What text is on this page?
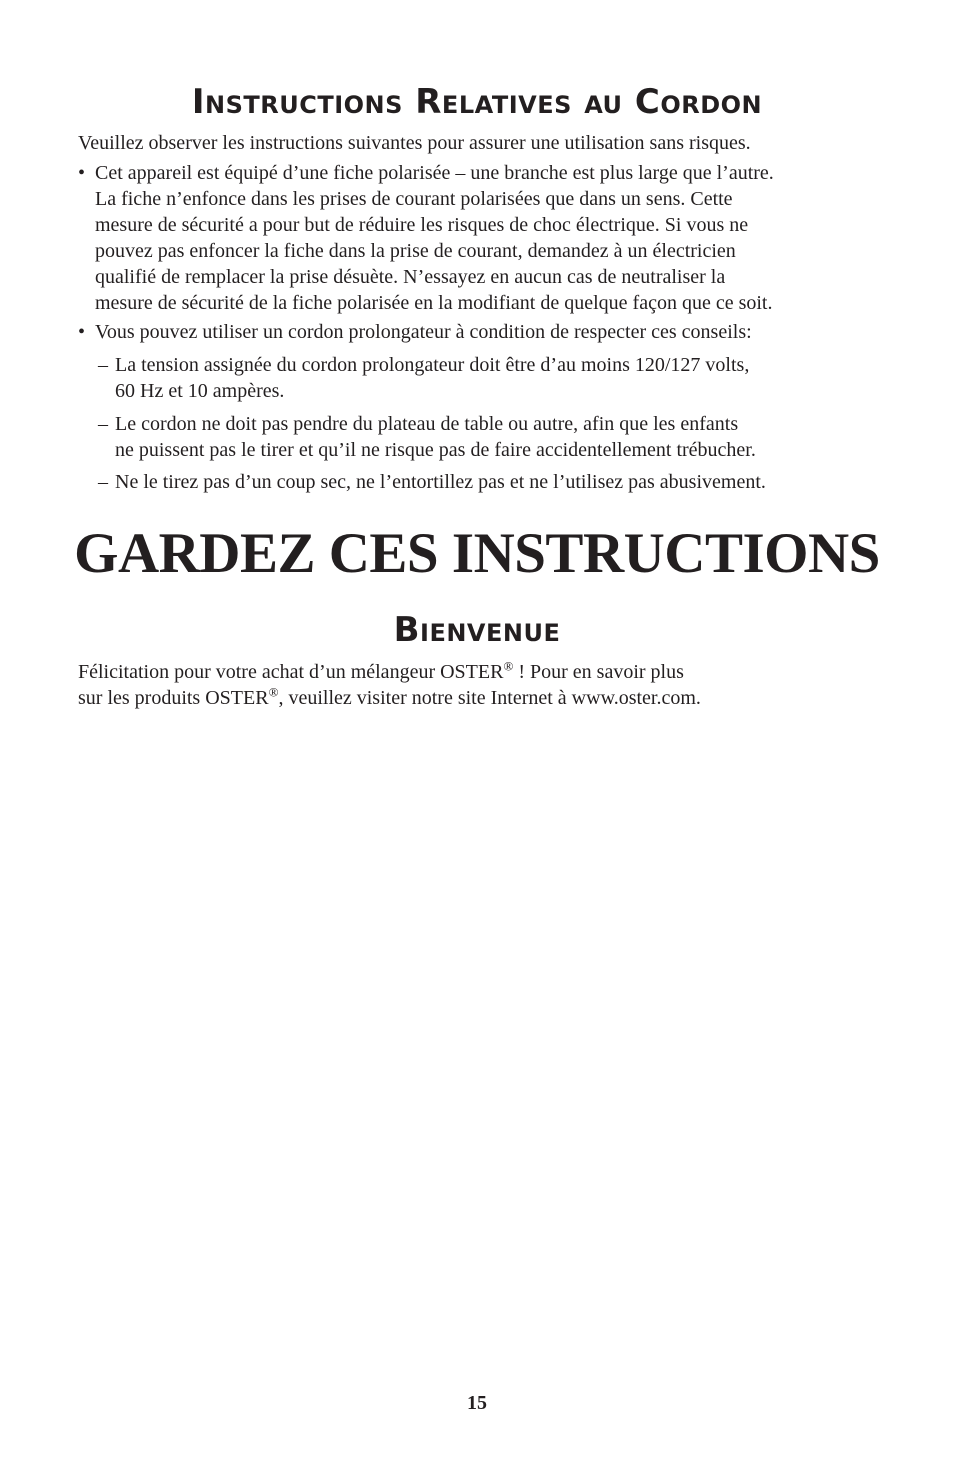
Instructions Relatives au Cordon

Veuillez observer les instructions suivantes pour assurer une utilisation sans risques.

• Cet appareil est équipé d’une fiche polarisée – une branche est plus large que l’autre.
La fiche n’enfonce dans les prises de courant polarisées que dans un sens. Cette
mesure de sécurité a pour but de réduire les risques de choc électrique. Si vous ne
pouvez pas enfoncer la fiche dans la prise de courant, demandez à un électricien
qualifié de remplacer la prise désuète. N’essayez en aucun cas de neutraliser la
mesure de sécurité de la fiche polarisée en la modifiant de quelque façon que ce soit.
• Vous pouvez utiliser un cordon prolongateur à condition de respecter ces conseils:
– La tension assignée du cordon prolongateur doit être d’au moins 120/127 volts,
60 Hz et 10 ampères.
– Le cordon ne doit pas pendre du plateau de table ou autre, afin que les enfants
ne puissent pas le tirer et qu’il ne risque pas de faire accidentellement trébucher.
– Ne le tirez pas d’un coup sec, ne l’entortillez pas et ne l’utilisez pas abusivement.
GARDEZ CES INSTRUCTIONS
Bienvenue

Félicitation pour votre achat d’un mélangeur OSTER® ! Pour en savoir plus

sur les produits OSTER®, veuillez visiter notre site Internet à www.oster.com.

15
